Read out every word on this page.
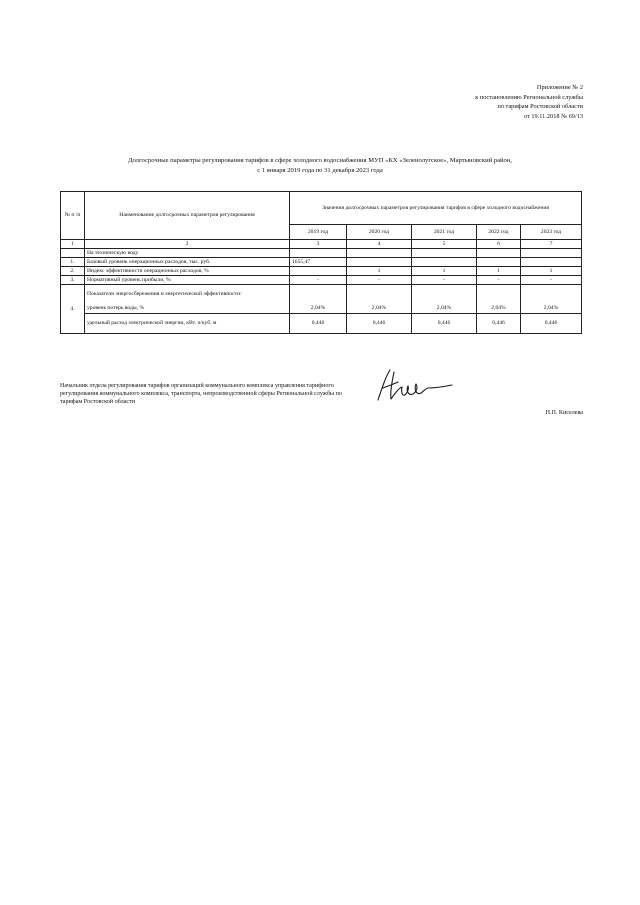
Приложение № 2
к постановлению Региональной службы
по тарифам Ростовской области
от 19.11.2018 № 69/13
Долгосрочные параметры регулирования тарифов в сфере холодного водоснабжения МУП «КХ «Зеленолугское», Мартыновский район,
с 1 января 2019 года по 31 декабря 2023 года
№ п /п	Наименование долгосрочных параметров регулирования	Значения долгосрочных параметров регулирования тарифов в сфере холодного водоснабжения				
		2019 год	2020 год	2021 год	2022 год	2023 год
1	2	3	4	5	6	7
	На техническую воду					
1.	Базовый уровень операционных расходов, тыс. руб.	1655,47				
2.	Индекс эффективности операционных расходов, %		1	1	1	1
3.	Нормативный уровень прибыли, %	-	-	-	-	-
4.	Показатели энергосбережения и энергетической эффективности:					
	уровень потерь воды, %	2,04%	2,04%	2,04%	2,04%	2,04%
	удельный расход электрической энергии, кВт. ч/куб. м	0,446	0,446	0,446	0,446	0,446
Начальник отдела регулирования тарифов организаций коммунального комплекса управления тарифного регулирования коммунального комплекса, транспорта, непроизводственной сферы Региональной службы по тарифам Ростовской области
Н.П. Киселева
